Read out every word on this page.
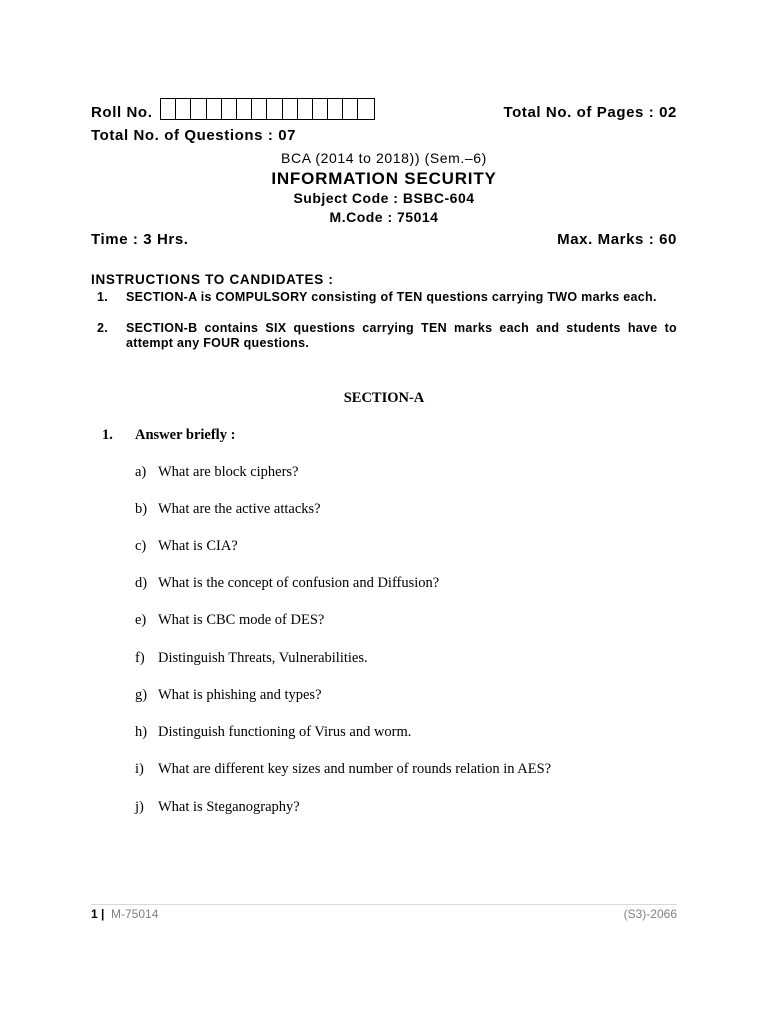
Roll No.	Total No. of Pages : 02
Total No. of Questions : 07
BCA (2014 to 2018)) (Sem.–6)
INFORMATION SECURITY
Subject Code : BSBC-604
M.Code : 75014
Time : 3 Hrs.	Max. Marks : 60
INSTRUCTIONS TO CANDIDATES :
1.	SECTION-A is COMPULSORY consisting of TEN questions carrying TWO marks each.
2.	SECTION-B contains SIX questions carrying TEN marks each and students have to attempt any FOUR questions.
SECTION-A
1. Answer briefly :
a) What are block ciphers?
b) What are the active attacks?
c) What is CIA?
d) What is the concept of confusion and Diffusion?
e) What is CBC mode of DES?
f) Distinguish Threats, Vulnerabilities.
g) What is phishing and types?
h) Distinguish functioning of Virus and worm.
i) What are different key sizes and number of rounds relation in AES?
j) What is Steganography?
1 | M-75014	(S3)-2066
